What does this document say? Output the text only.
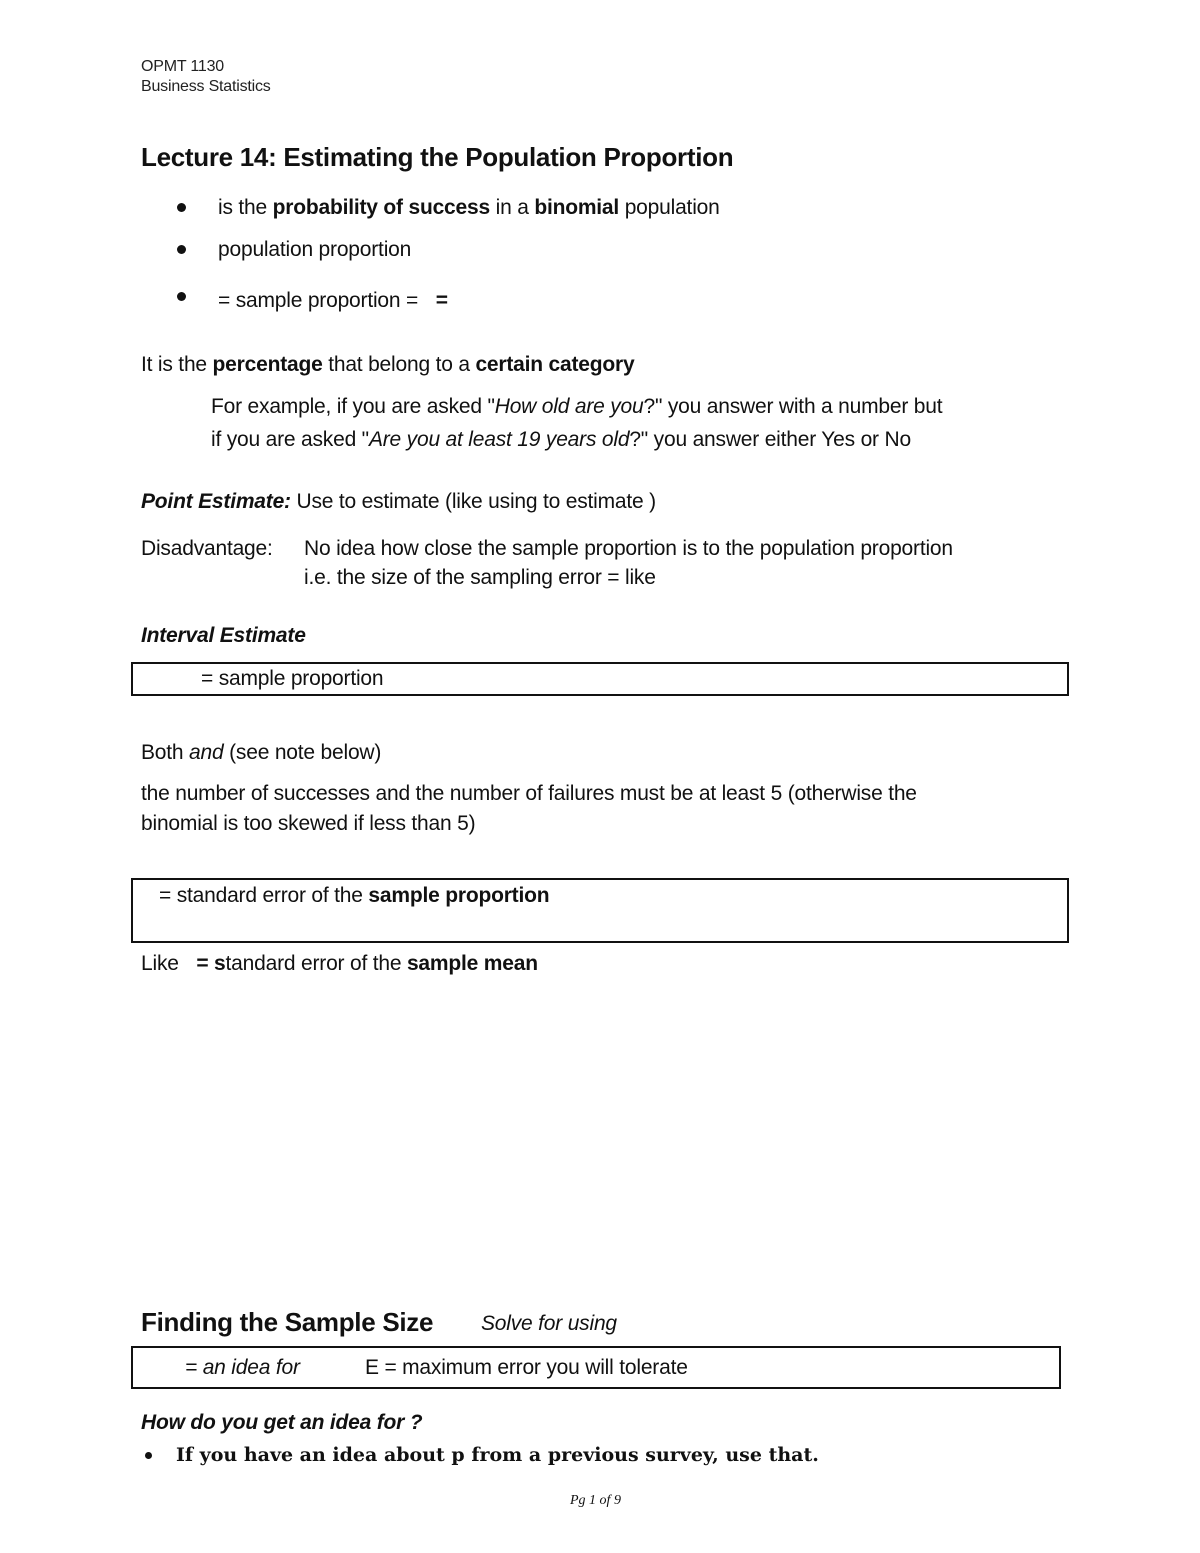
OPMT 1130
Business Statistics
Lecture 14: Estimating the Population Proportion
is the probability of success in a binomial population
population proportion
= sample proportion = =
It is the percentage that belong to a certain category
For example, if you are asked "How old are you?" you answer with a number but
if you are asked "Are you at least 19 years old?" you answer either Yes or No
Point Estimate: Use to estimate (like using to estimate )
Disadvantage: No idea how close the sample proportion is to the population proportion
i.e. the size of the sampling error = like
Interval Estimate
= sample proportion
Both and (see note below)
the number of successes and the number of failures must be at least 5 (otherwise the
binomial is too skewed if less than 5)
= standard error of the sample proportion
Like = standard error of the sample mean
Finding the Sample Size Solve for using
= an idea for	E = maximum error you will tolerate
How do you get an idea for ?
If you have an idea about p from a previous survey, use that.
Pg 1 of 9
